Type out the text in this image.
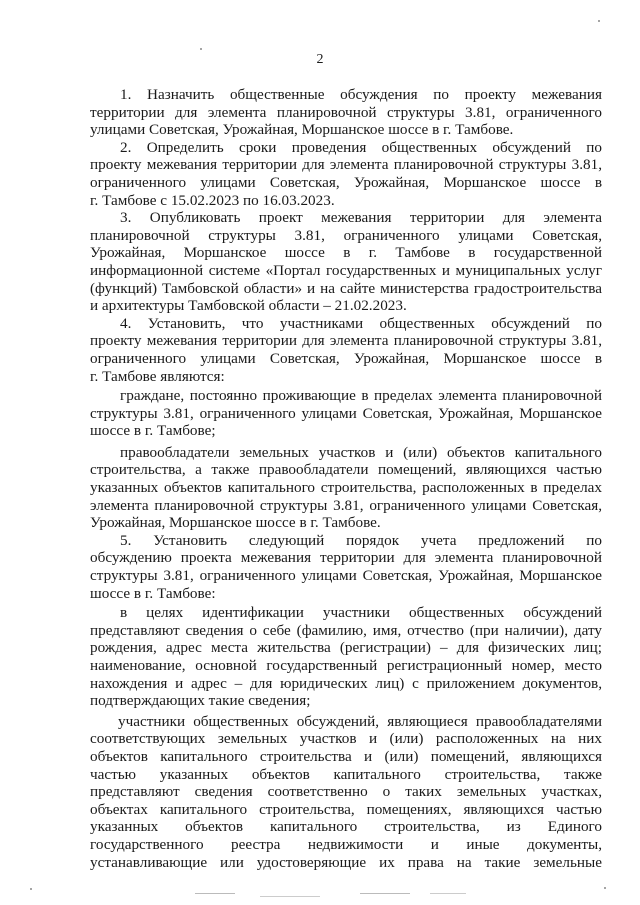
2
1. Назначить общественные обсуждения по проекту межевания
территории для элемента планировочной структуры 3.81, ограниченного
улицами Советская, Урожайная, Моршанское шоссе в г. Тамбове.
2. Определить сроки проведения общественных обсуждений по
проекту межевания территории для элемента планировочной структуры 3.81,
ограниченного улицами Советская, Урожайная, Моршанское шоссе в
г. Тамбове с 15.02.2023 по 16.03.2023.
3. Опубликовать проект межевания территории для элемента
планировочной структуры 3.81, ограниченного улицами Советская,
Урожайная, Моршанское шоссе в г. Тамбове в государственной
информационной системе «Портал государственных и муниципальных услуг
(функций) Тамбовской области» и на сайте министерства градостроительства
и архитектуры Тамбовской области – 21.02.2023.
4. Установить, что участниками общественных обсуждений по
проекту межевания территории для элемента планировочной структуры 3.81,
ограниченного улицами Советская, Урожайная, Моршанское шоссе в
г. Тамбове являются:
граждане, постоянно проживающие в пределах элемента планировочной
структуры 3.81, ограниченного улицами Советская, Урожайная, Моршанское
шоссе в г. Тамбове;
правообладатели земельных участков и (или) объектов капитального
строительства, а также правообладатели помещений, являющихся частью
указанных объектов капитального строительства, расположенных в пределах
элемента планировочной структуры 3.81, ограниченного улицами Советская,
Урожайная, Моршанское шоссе в г. Тамбове.
5. Установить следующий порядок учета предложений по
обсуждению проекта межевания территории для элемента планировочной
структуры 3.81, ограниченного улицами Советская, Урожайная, Моршанское
шоссе в г. Тамбове:
в целях идентификации участники общественных обсуждений
представляют сведения о себе (фамилию, имя, отчество (при наличии), дату
рождения, адрес места жительства (регистрации) – для физических лиц;
наименование, основной государственный регистрационный номер, место
нахождения и адрес – для юридических лиц) с приложением документов,
подтверждающих такие сведения;
участники общественных обсуждений, являющиеся правообладателями
соответствующих земельных участков и (или) расположенных на них
объектов капитального строительства и (или) помещений, являющихся
частью указанных объектов капитального строительства, также
представляют сведения соответственно о таких земельных участках,
объектах капитального строительства, помещениях, являющихся частью
указанных объектов капитального строительства, из Единого
государственного реестра недвижимости и иные документы,
устанавливающие или удостоверяющие их права на такие земельные
